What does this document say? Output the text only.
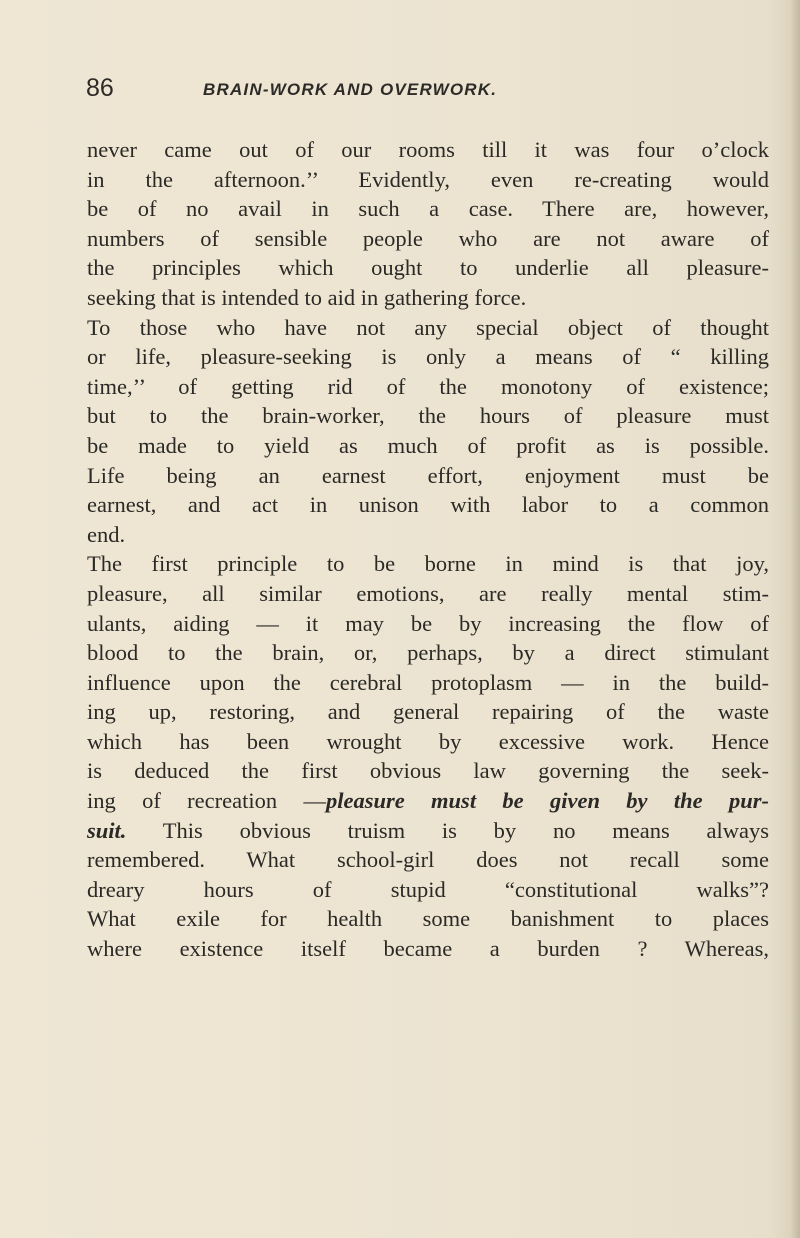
86	BRAIN-WORK AND OVERWORK.
never came out of our rooms till it was four o’clock
in the afternoon.’’ Evidently, even re-creating would
be of no avail in such a case. There are, however,
numbers of sensible people who are not aware of
the principles which ought to underlie all pleasure-
seeking that is intended to aid in gathering force.
To those who have not any special object of thought
or life, pleasure-seeking is only a means of “ killing
time,’’ of getting rid of the monotony of existence;
but to the brain-worker, the hours of pleasure must
be made to yield as much of profit as is possible.
Life being an earnest effort, enjoyment must be
earnest, and act in unison with labor to a common
end.
The first principle to be borne in mind is that joy,
pleasure, all similar emotions, are really mental stim-
ulants, aiding — it may be by increasing the flow of
blood to the brain, or, perhaps, by a direct stimulant
influence upon the cerebral protoplasm — in the build-
ing up, restoring, and general repairing of the waste
which has been wrought by excessive work. Hence
is deduced the first obvious law governing the seek-
ing of recreation —pleasure must be given by the pur-
suit. This obvious truism is by no means always
remembered. What school-girl does not recall some
dreary hours of stupid “constitutional walks”?
What exile for health some banishment to places
where existence itself became a burden ? Whereas,
